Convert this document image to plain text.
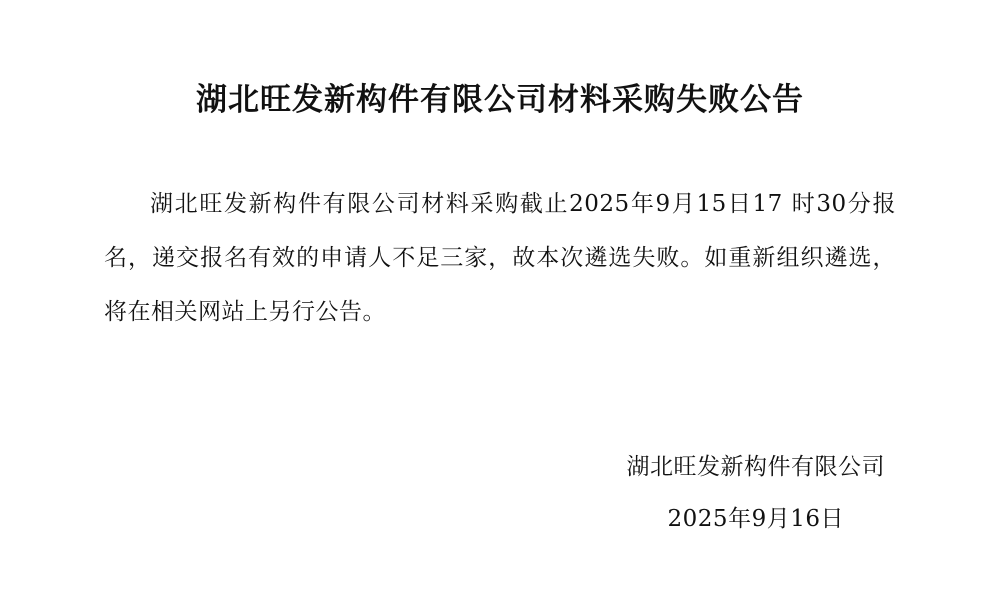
湖北旺发新构件有限公司材料采购失败公告

湖北旺发新构件有限公司材料采购截止2025年9月15日17 时30分报名，递交报名有效的申请人不足三家，故本次遴选失败。如重新组织遴选，将在相关网站上另行公告。

湖北旺发新构件有限公司
2025年9月16日
